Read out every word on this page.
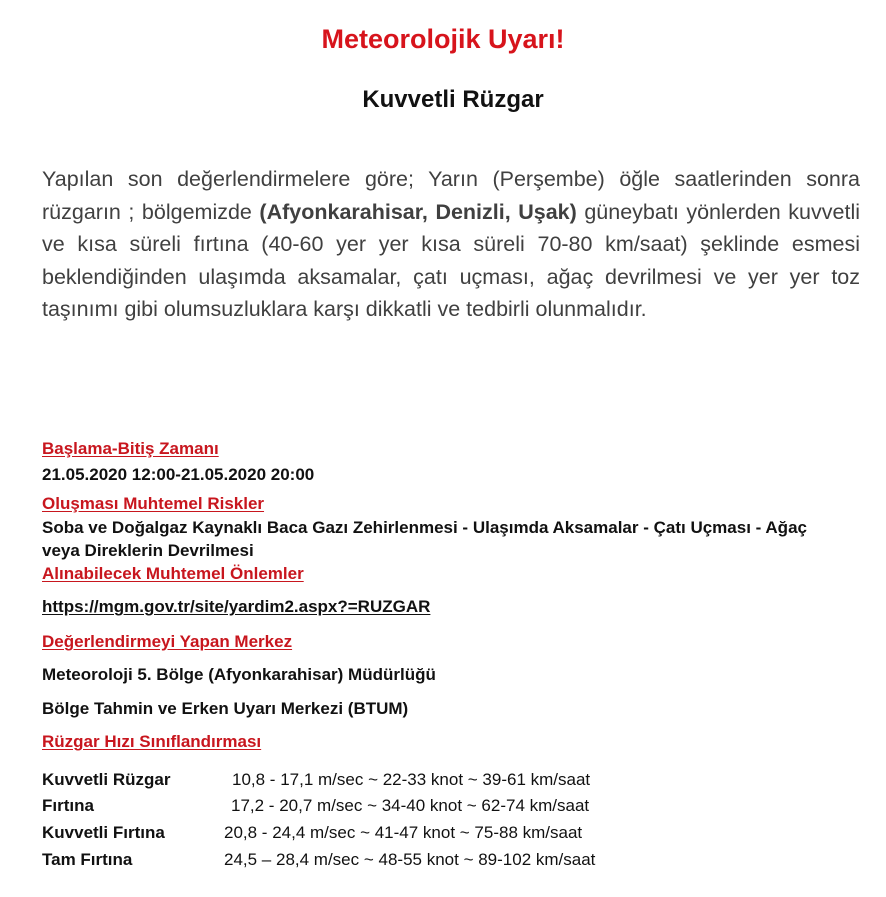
Meteorolojik Uyarı!
Kuvvetli Rüzgar
Yapılan son değerlendirmelere göre; Yarın (Perşembe) öğle saatlerinden sonra rüzgarın ; bölgemizde (Afyonkarahisar, Denizli, Uşak) güneybatı yönlerden kuvvetli ve kısa süreli fırtına (40-60 yer yer kısa süreli 70-80 km/saat) şeklinde esmesi beklendiğinden ulaşımda aksamalar, çatı uçması, ağaç devrilmesi ve yer yer toz taşınımı gibi olumsuzluklara karşı dikkatli ve tedbirli olunmalıdır.
Başlama-Bitiş Zamanı
21.05.2020 12:00-21.05.2020 20:00
Oluşması Muhtemel Riskler
Soba ve Doğalgaz Kaynaklı Baca Gazı Zehirlenmesi - Ulaşımda Aksamalar - Çatı Uçması - Ağaç veya Direklerin Devrilmesi
Alınabilecek Muhtemel Önlemler
https://mgm.gov.tr/site/yardim2.aspx?=RUZGAR
Değerlendirmeyi Yapan Merkez
Meteoroloji 5. Bölge (Afyonkarahisar) Müdürlüğü
Bölge Tahmin ve Erken Uyarı Merkezi (BTUM)
Rüzgar Hızı Sınıflandırması
Kuvvetli Rüzgar	10,8 - 17,1 m/sec ~ 22-33 knot ~ 39-61 km/saat
Fırtına	17,2 - 20,7 m/sec ~ 34-40 knot ~ 62-74 km/saat
Kuvvetli Fırtına	20,8 - 24,4 m/sec ~ 41-47 knot ~ 75-88 km/saat
Tam Fırtına	24,5 – 28,4 m/sec ~ 48-55 knot ~ 89-102 km/saat
